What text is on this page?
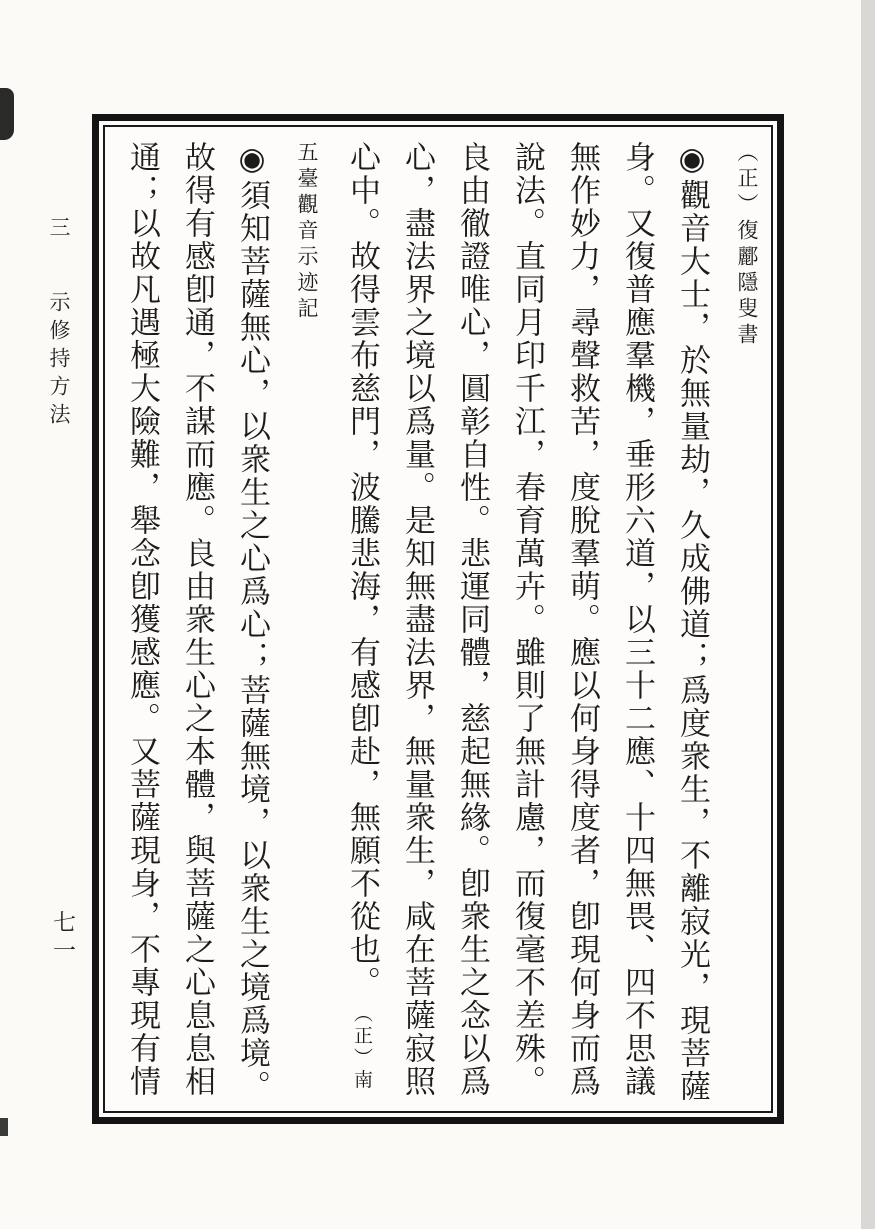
三 示修持方法
七一
（正）復酈隱叟書
◉觀音大士，於無量劫，久成佛道；爲度衆生，不離寂光，現菩薩
身。又復普應羣機，垂形六道，以三十二應、十四無畏、四不思議
無作妙力，尋聲救苦，度脫羣萌。應以何身得度者，卽現何身而爲
說法。直同月印千江，春育萬卉。雖則了無計慮，而復毫不差殊。
良由徹證唯心，圓彰自性。悲運同體，慈起無緣。卽衆生之念以爲
心，盡法界之境以爲量。是知無盡法界，無量衆生，咸在菩薩寂照
心中。故得雲布慈門，波騰悲海，有感卽赴，無願不從也。（正）南
五臺觀音示迹記
◉須知菩薩無心，以衆生之心爲心；菩薩無境，以衆生之境爲境。
故得有感卽通，不謀而應。良由衆生心之本體，與菩薩之心息息相
通；以故凡遇極大險難，舉念卽獲感應。又菩薩現身，不專現有情
